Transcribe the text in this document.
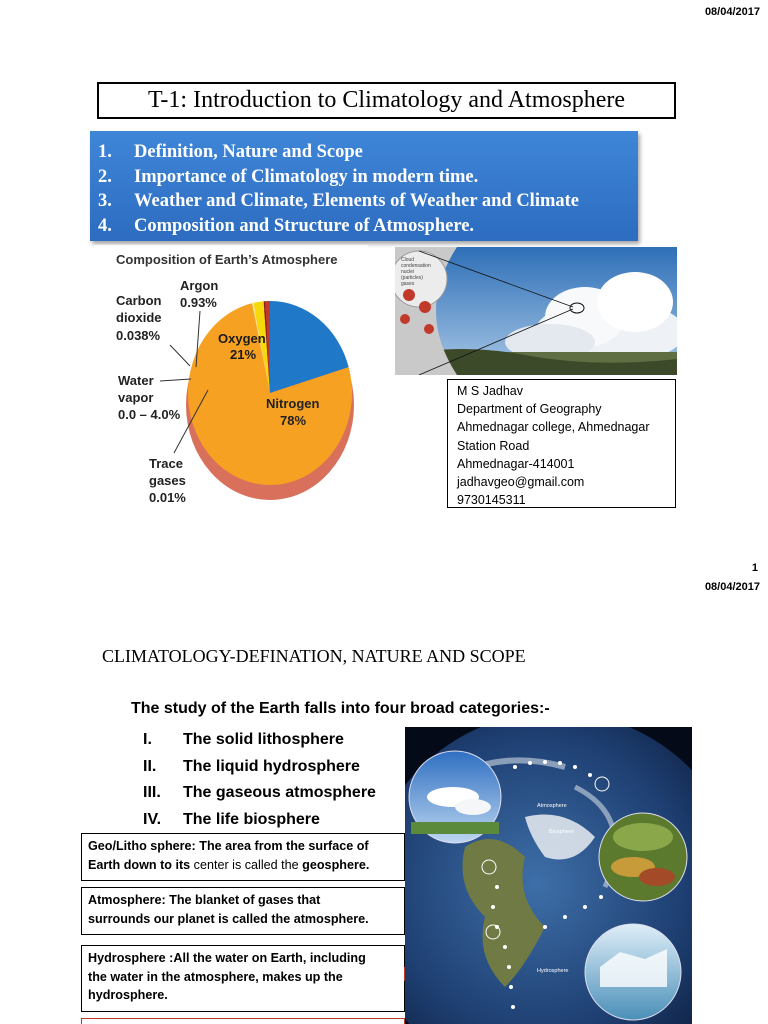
08/04/2017
T-1: Introduction to Climatology and Atmosphere
1. Definition, Nature and Scope
2. Importance of Climatology in modern time.
3. Weather and Climate, Elements of Weather and Climate
4. Composition and Structure of Atmosphere.
Composition of Earth’s Atmosphere
Argon
0.93%
Carbon
dioxide
0.038%	Oxygen
21%
Water
vapor
0.0 – 4.0%
Nitrogen
78%
Trace
gases
0.01%
Cloud
condensation
nuclei
(particles)
gases
M S Jadhav
Department of Geography
Ahmednagar college, Ahmednagar
Station Road
Ahmednagar-414001
jadhavgeo@gmail.com
9730145311
1
08/04/2017
CLIMATOLOGY-DEFINATION, NATURE AND SCOPE
The study of the Earth falls into four broad categories:-
I. The solid lithosphere
II. The liquid hydrosphere
III. The gaseous atmosphere
IV. The life biosphere
Geo/Litho sphere: The area from the surface of
Earth down to its center is called the geosphere.
Atmosphere: The blanket of gases that
surrounds our planet is called the atmosphere.
Hydrosphere :All the water on Earth, including
the water in the atmosphere, makes up the
hydrosphere.
Atmosphere
Biosphere
Hydrosphere
